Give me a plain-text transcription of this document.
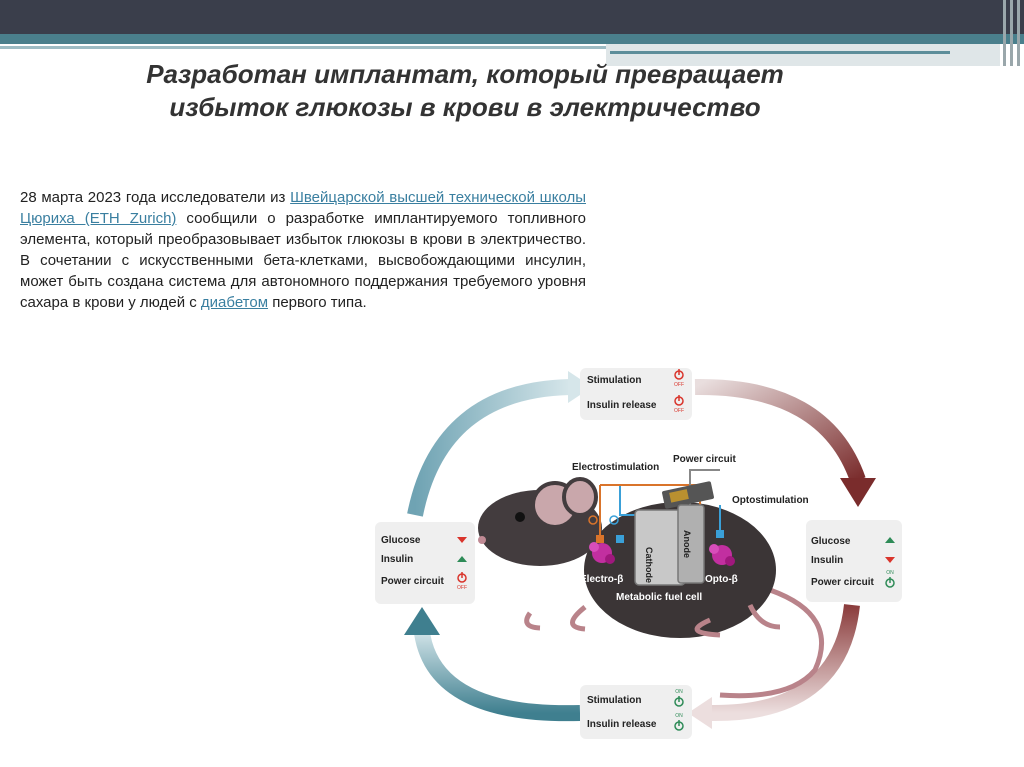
Разработан имплантат, который превращает
избыток глюкозы в крови в электричество

28 марта 2023 года исследователи из Швейцарской высшей технической школы Цюриха (ETH Zurich) сообщили о разработке имплантируемого топливного элемента, который преобразовывает избыток глюкозы в крови в электричество. В сочетании с искусственными бета-клетками, высвобождающими инсулин, может быть создана система для автономного поддержания требуемого уровня сахара в крови у людей с диабетом первого типа.

Stimulation
Insulin release
OFF
OFF
Stimulation
Insulin release
ON
ON
Glucose
Insulin
Power circuit
OFF
Glucose
Insulin
Power circuit
ON
Cathode
Anode
Electrostimulation
Power circuit
Optostimulation
Electro-β	Opto-β
Metabolic fuel cell
